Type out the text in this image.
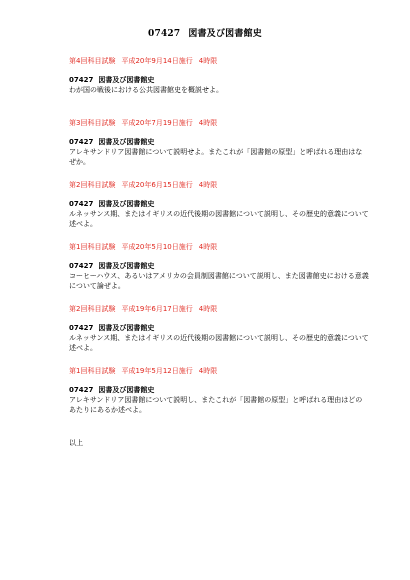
07427 図書及び図書館史
第4回科目試験 平成20年9月14日施行 4時限
07427 図書及び図書館史
わが国の戦後における公共図書館史を概説せよ。
第3回科目試験 平成20年7月19日施行 4時限
07427 図書及び図書館史
アレキサンドリア図書館について説明せよ。またこれが「図書館の原型」と呼ばれる理由はなぜか。
第2回科目試験 平成20年6月15日施行 4時限
07427 図書及び図書館史
ルネッサンス期、またはイギリスの近代後期の図書館について説明し、その歴史的意義について述べよ。
第1回科目試験 平成20年5月10日施行 4時限
07427 図書及び図書館史
コーヒーハウス、あるいはアメリカの会員制図書館について説明し、また図書館史における意義について論ぜよ。
第2回科目試験 平成19年6月17日施行 4時限
07427 図書及び図書館史
ルネッサンス期、またはイギリスの近代後期の図書館について説明し、その歴史的意義について述べよ。
第1回科目試験 平成19年5月12日施行 4時限
07427 図書及び図書館史
アレキサンドリア図書館について説明し、またこれが「図書館の原型」と呼ばれる理由はどのあたりにあるか述べよ。
以上
